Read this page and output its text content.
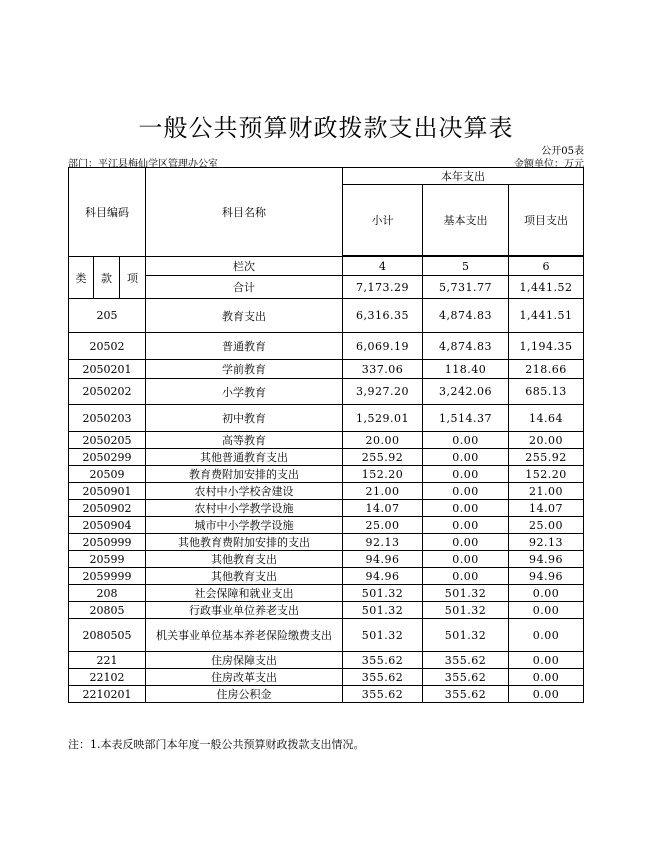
一般公共预算财政拨款支出决算表
公开05表
部门：平江县梅仙学区管理办公室	金额单位：万元
科目编码			科目名称	本年支出		
				小计	基本支出	项目支出

类	款	项	栏次	4	5	6
			合计	7,173.29	5,731.77	1,441.52
205			教育支出	6,316.35	4,874.83	1,441.51
20502			普通教育	6,069.19	4,874.83	1,194.35
2050201			学前教育	337.06	118.40	218.66
2050202			小学教育	3,927.20	3,242.06	685.13
2050203			初中教育	1,529.01	1,514.37	14.64
2050205			高等教育	20.00	0.00	20.00
2050299			其他普通教育支出	255.92	0.00	255.92
20509			教育费附加安排的支出	152.20	0.00	152.20
2050901			农村中小学校舍建设	21.00	0.00	21.00
2050902			农村中小学教学设施	14.07	0.00	14.07
2050904			城市中小学教学设施	25.00	0.00	25.00
2050999			其他教育费附加安排的支出	92.13	0.00	92.13
20599			其他教育支出	94.96	0.00	94.96
2059999			其他教育支出	94.96	0.00	94.96
208			社会保障和就业支出	501.32	501.32	0.00
20805			行政事业单位养老支出	501.32	501.32	0.00
2080505			机关事业单位基本养老保险缴费支出	501.32	501.32	0.00
221			住房保障支出	355.62	355.62	0.00
22102			住房改革支出	355.62	355.62	0.00
2210201			住房公积金	355.62	355.62	0.00
注：1.本表反映部门本年度一般公共预算财政拨款支出情况。
